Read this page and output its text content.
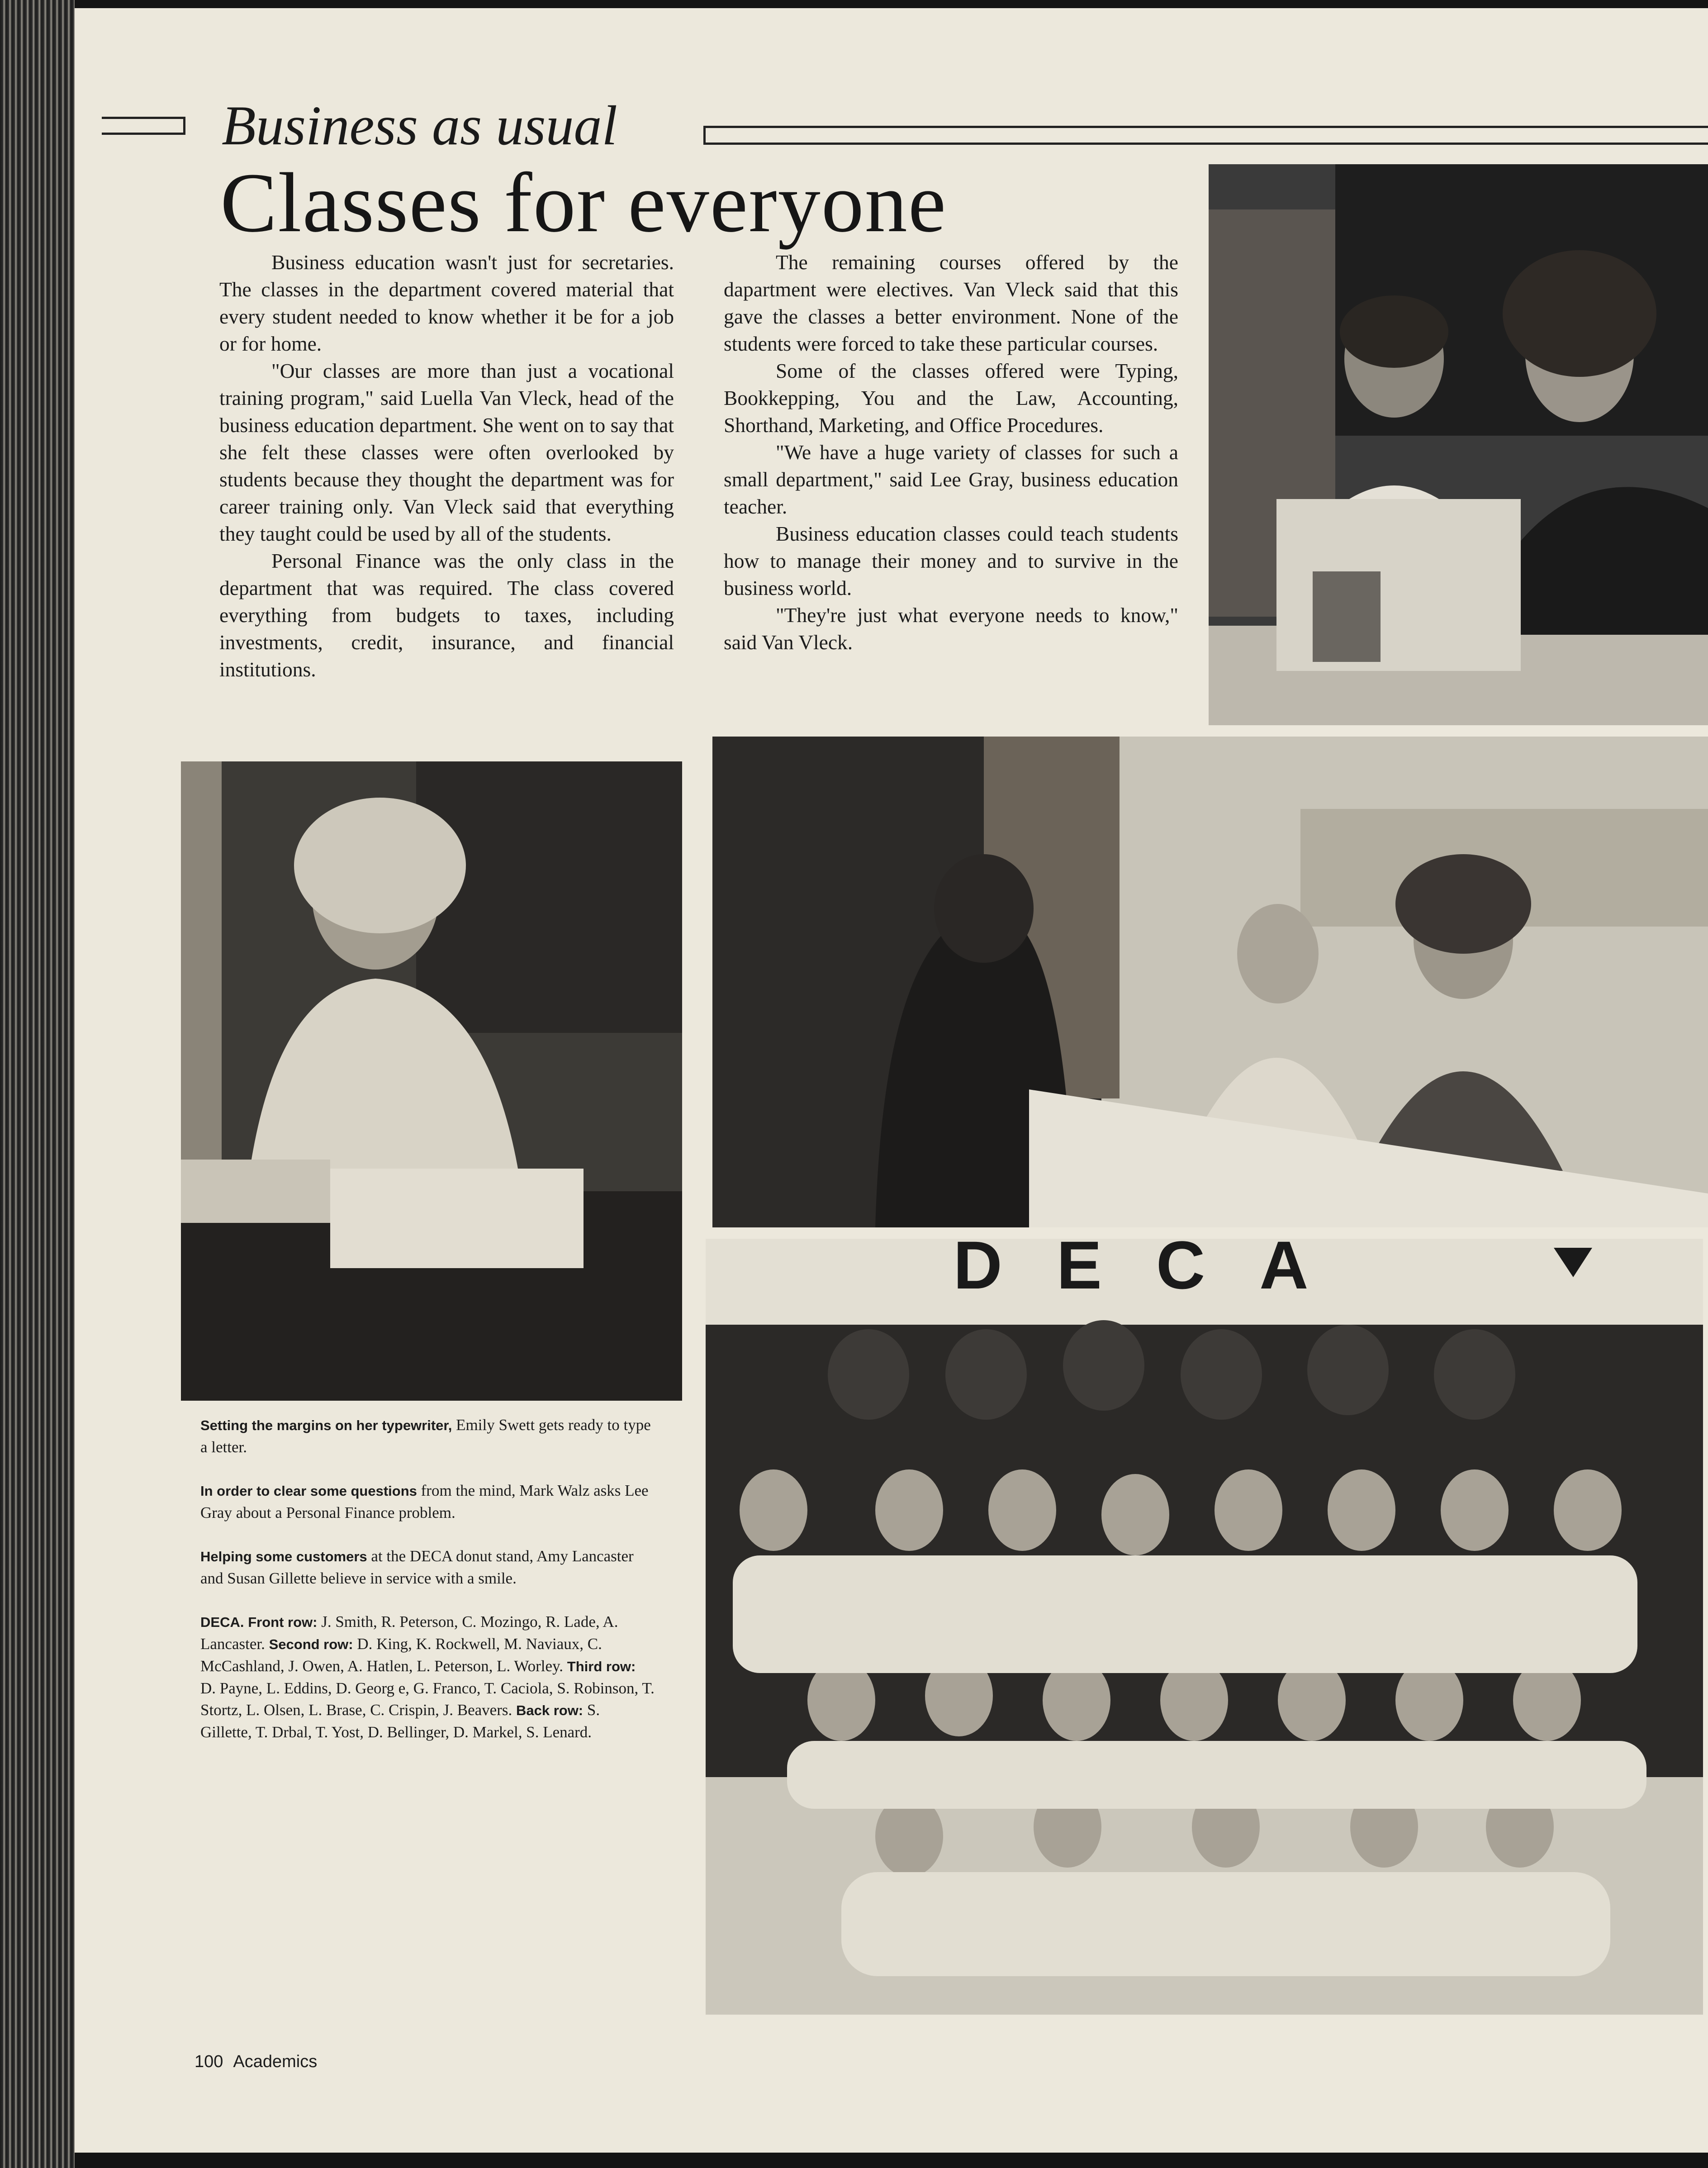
Business as usual
Classes for everyone

Business education wasn't just for secretaries. The classes in the department covered material that every student needed to know whether it be for a job or for home.

"Our classes are more than just a vocational training program," said Luella Van Vleck, head of the business education department. She went on to say that she felt these classes were often overlooked by students because they thought the department was for career training only. Van Vleck said that everything they taught could be used by all of the students.

Personal Finance was the only class in the department that was required. The class covered everything from budgets to taxes, including investments, credit, insurance, and financial institutions.

The remaining courses offered by the dapartment were electives. Van Vleck said that this gave the classes a better environment. None of the students were forced to take these particular courses.

Some of the classes offered were Typing, Bookkepping, You and the Law, Accounting, Shorthand, Marketing, and Office Procedures.

"We have a huge variety of classes for such a small department," said Lee Gray, business education teacher.

Business education classes could teach students how to manage their money and to survive in the business world.

"They're just what everyone needs to know," said Van Vleck.

DECA

Setting the margins on her typewriter, Emily Swett gets ready to type a letter.

In order to clear some questions from the mind, Mark Walz asks Lee Gray about a Personal Finance problem.

Helping some customers at the DECA donut stand, Amy Lancaster and Susan Gillette believe in service with a smile.

DECA. Front row: J. Smith, R. Peterson, C. Mozingo, R. Lade, A. Lancaster. Second row: D. King, K. Rockwell, M. Naviaux, C. McCashland, J. Owen, A. Hatlen, L. Peterson, L. Worley. Third row: D. Payne, L. Eddins, D. Georg e, G. Franco, T. Caciola, S. Robinson, T. Stortz, L. Olsen, L. Brase, C. Crispin, J. Beavers. Back row: S. Gillette, T. Drbal, T. Yost, D. Bellinger, D. Markel, S. Lenard.

100 Academics
